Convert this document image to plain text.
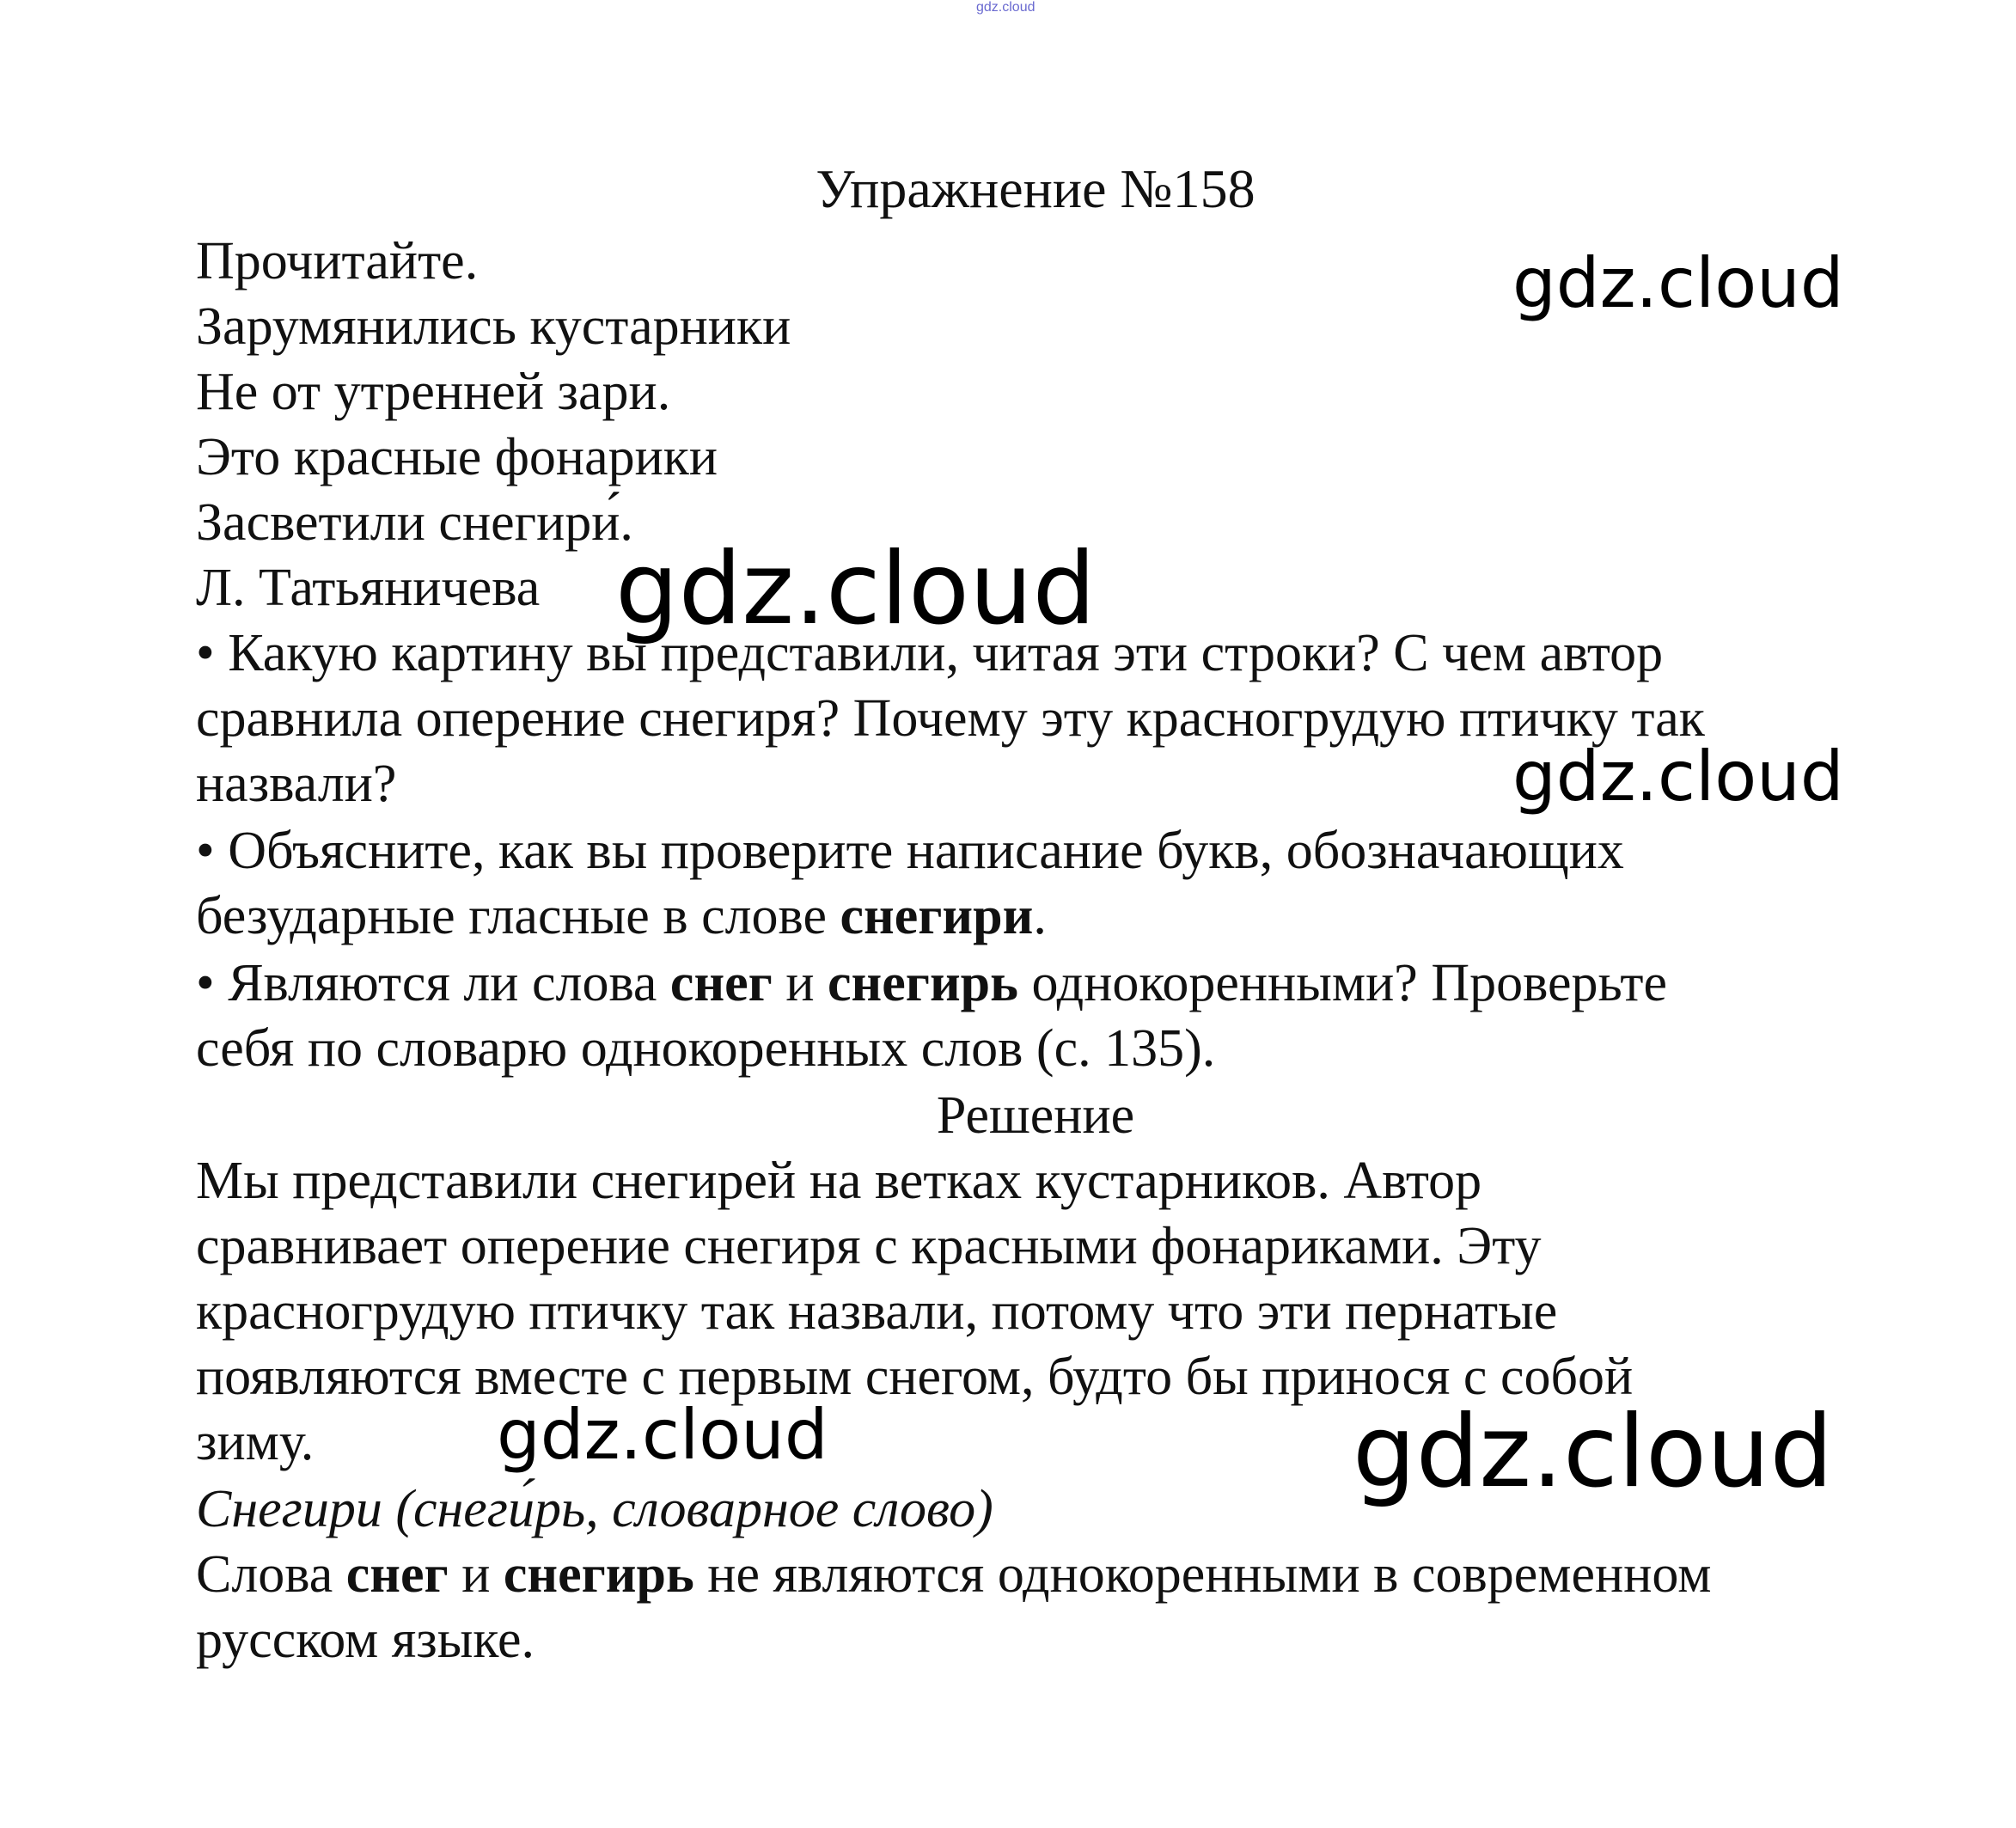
gdz.cloud
Упражнение №158
Прочитайте.
Зарумянились кустарники
Не от утренней зари.
Это красные фонарики
Засветили снегири́.
Л. Татьяничева
• Какую картину вы представили, читая эти строки? С чем автор
сравнила оперение снегиря? Почему эту красногрудую птичку так
назвали?
• Объясните, как вы проверите написание букв, обозначающих
безударные гласные в слове снегири.
• Являются ли слова снег и снегирь однокоренными? Проверьте
себя по словарю однокоренных слов (с. 135).
Решение
Мы представили снегирей на ветках кустарников. Автор
сравнивает оперение снегиря с красными фонариками. Эту
красногрудую птичку так назвали, потому что эти пернатые
появляются вместе с первым снегом, будто бы принося с собой
зиму.
Снегири (снеги́рь, словарное слово)
Слова снег и снегирь не являются однокоренными в современном
русском языке.
gdz.cloud
gdz.cloud
gdz.cloud
gdz.cloud	gdz.cloud
